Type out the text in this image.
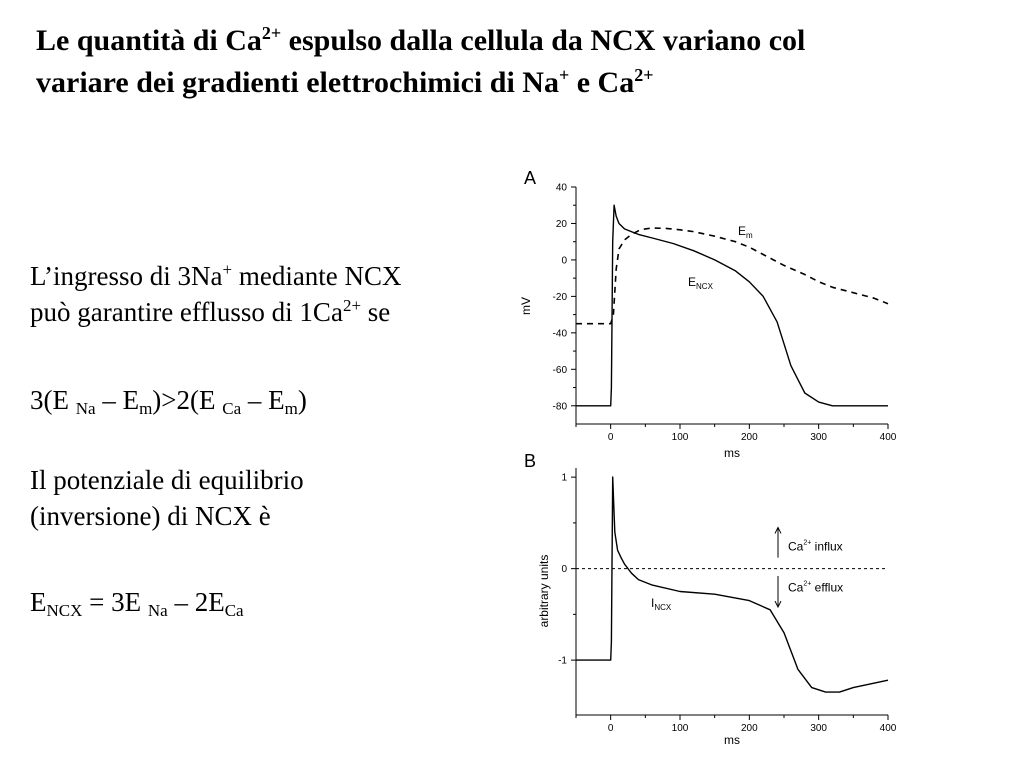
Le quantità di $Ca^{2+}$ espulso dalla cellula da NCX variano col
variare dei gradienti elettrochimici di Na+ e $Ca^{2+}$

L’ingresso di 3Na+ mediante NCX
può garantire efflusso di $1Ca^{2+}$ se

3(E $_{Na} - E_m)>2(E$ $_{Ca} - E_m$)

Il potenziale di equilibrio
(inversione) di NCX è

$E_{NCX} = 3E$ $_{Na} - 2E_{Ca}$

A
0	100	200	300	400
-80
-60
-40
-20
0
20
40
ms
mV
$E_m$
$E_{NCX}$
B
0	100	200	300	400
-1
0
1
ms
arbitrary units	$I_{NCX}$
$Ca^{2+}$ influx
$Ca^{2+}$ efflux
